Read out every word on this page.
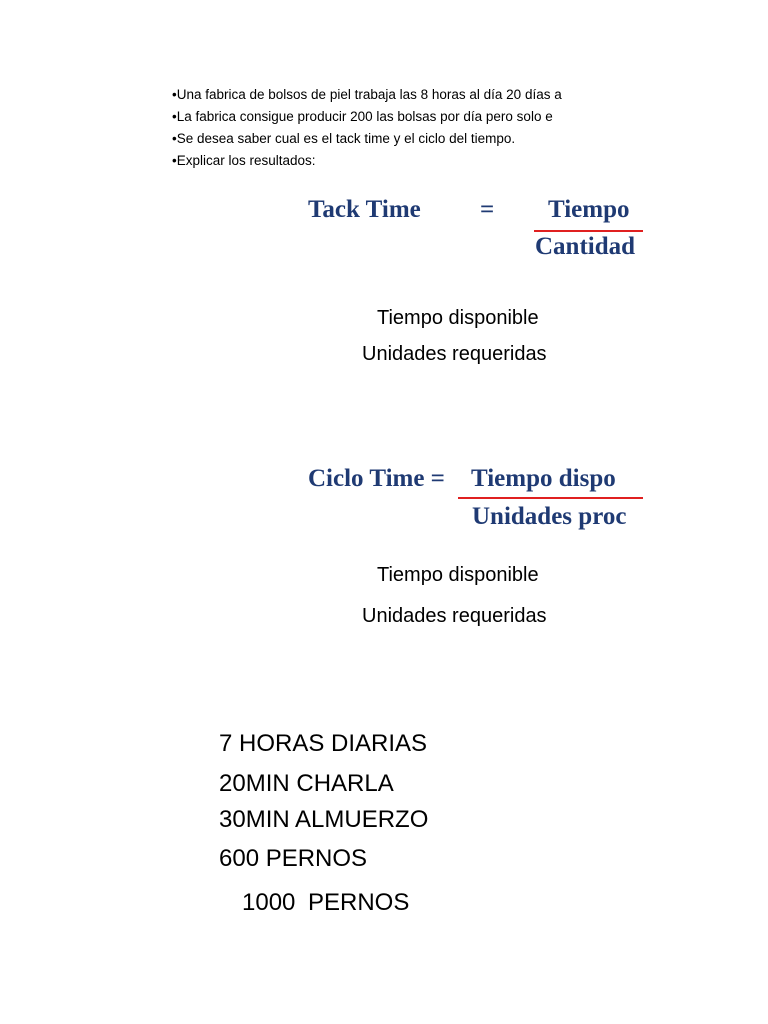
•Una fabrica de bolsos de piel trabaja las 8 horas al día 20 días a
•La fabrica consigue producir 200 las bolsas por día pero solo e
•Se desea saber cual es el tack time y el ciclo del tiempo.
•Explicar los resultados:
Tack Time = Tiempo
Cantidad
Tiempo disponible
Unidades requeridas
Ciclo Time = Tiempo dispo
Unidades proc
Tiempo disponible
Unidades requeridas
7 HORAS DIARIAS
20MIN CHARLA
30MIN ALMUERZO
600 PERNOS
1000 PERNOS
